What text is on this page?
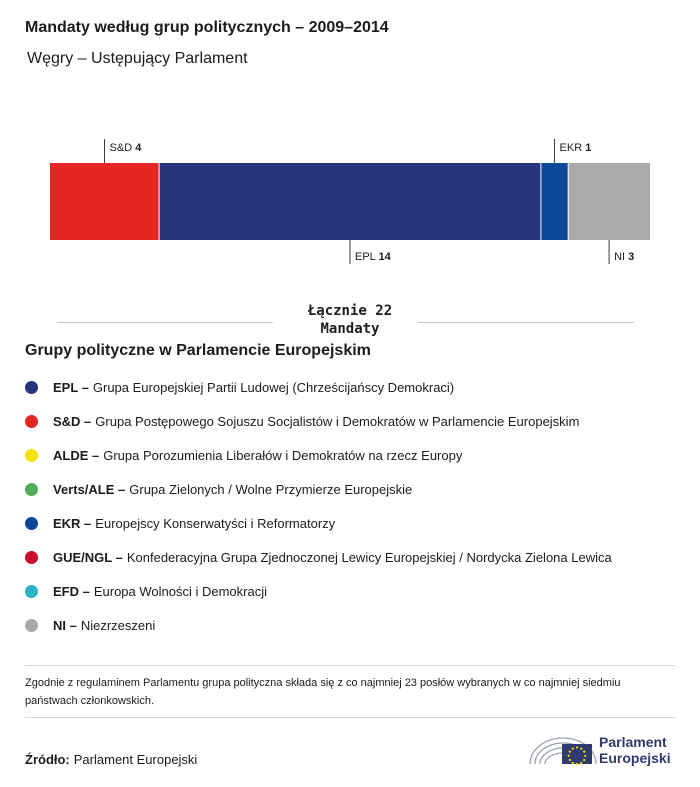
Mandaty według grup politycznych – 2009–2014
Węgry – Ustępujący Parlament
S&D 4
EPL 14
EKR 1
NI 3
Łącznie 22
Mandaty
Grupy polityczne w Parlamencie Europejskim
EPL – Grupa Europejskiej Partii Ludowej (Chrześcijańscy Demokraci)
S&D – Grupa Postępowego Sojuszu Socjalistów i Demokratów w Parlamencie Europejskim
ALDE – Grupa Porozumienia Liberałów i Demokratów na rzecz Europy
Verts/ALE – Grupa Zielonych / Wolne Przymierze Europejskie
EKR – Europejscy Konserwatyści i Reformatorzy
GUE/NGL – Konfederacyjna Grupa Zjednoczonej Lewicy Europejskiej / Nordycka Zielona Lewica
EFD – Europa Wolności i Demokracji
NI – Niezrzeszeni
Zgodnie z regulaminem Parlamentu grupa polityczna składa się z co najmniej 23 posłów wybranych w co najmniej siedmiu państwach członkowskich.
Źródło: Parlament Europejski
Parlament
Europejski
